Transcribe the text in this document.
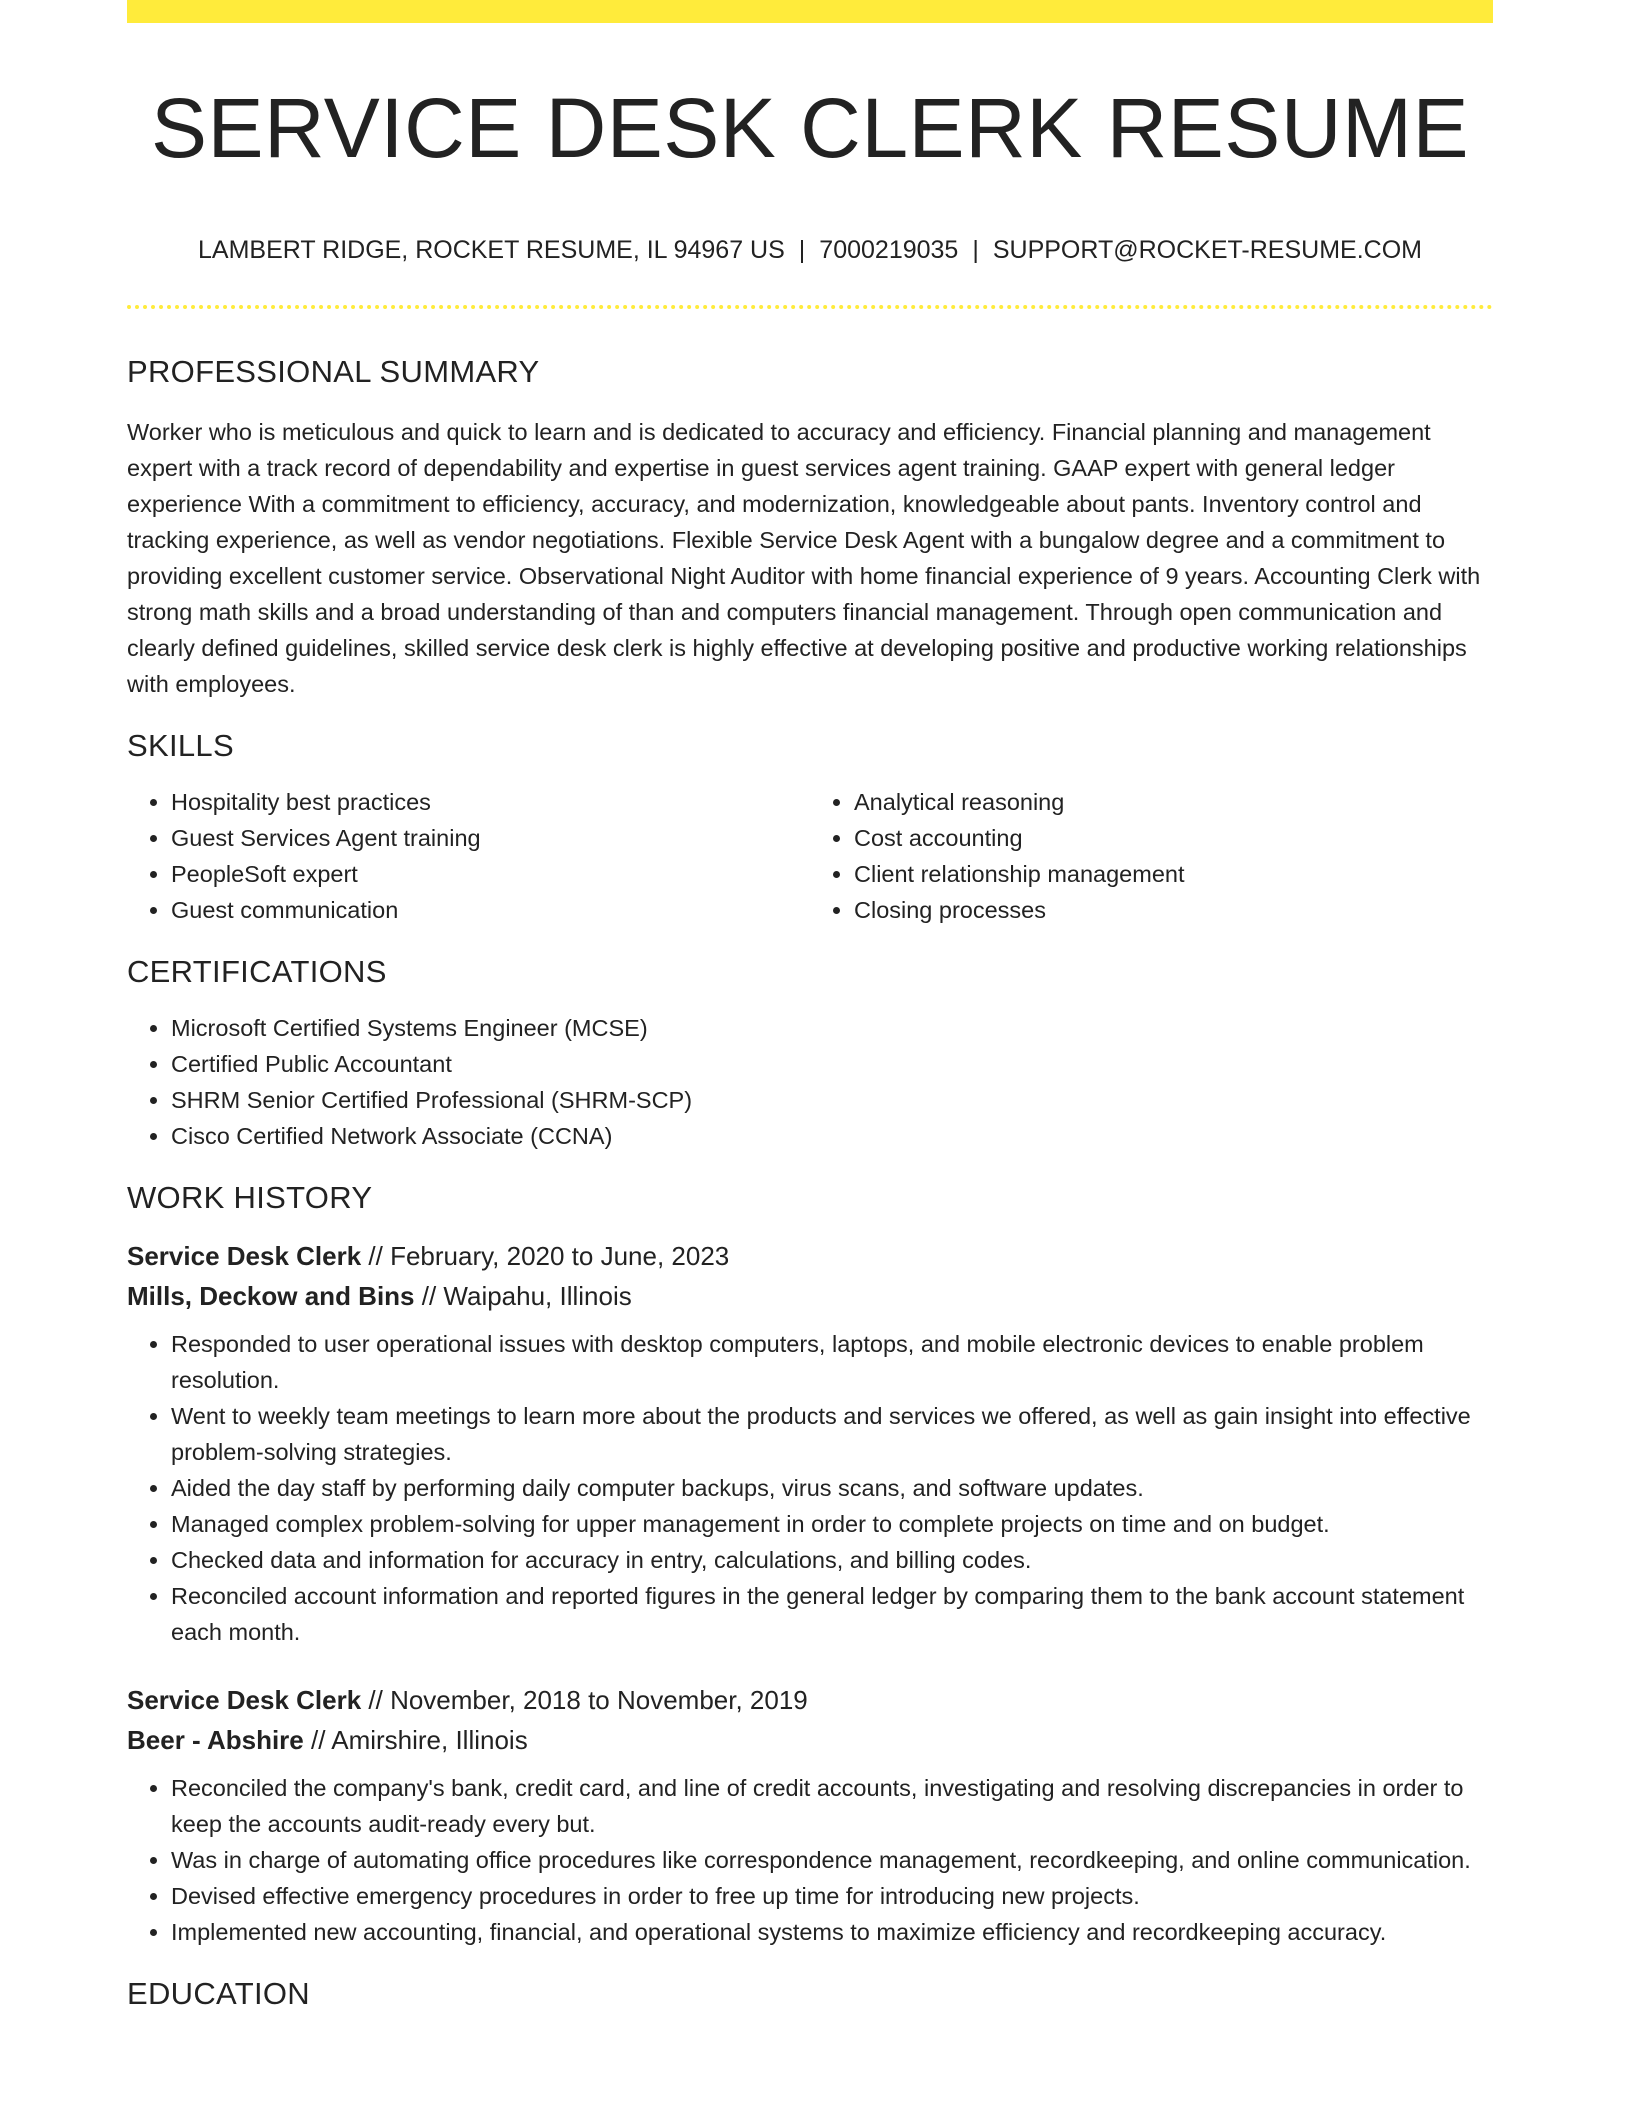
SERVICE DESK CLERK RESUME
LAMBERT RIDGE, ROCKET RESUME, IL 94967 US | 7000219035 | SUPPORT@ROCKET-RESUME.COM
PROFESSIONAL SUMMARY

Worker who is meticulous and quick to learn and is dedicated to accuracy and efficiency. Financial planning and management expert with a track record of dependability and expertise in guest services agent training. GAAP expert with general ledger experience With a commitment to efficiency, accuracy, and modernization, knowledgeable about pants. Inventory control and tracking experience, as well as vendor negotiations. Flexible Service Desk Agent with a bungalow degree and a commitment to providing excellent customer service. Observational Night Auditor with home financial experience of 9 years. Accounting Clerk with strong math skills and a broad understanding of than and computers financial management. Through open communication and clearly defined guidelines, skilled service desk clerk is highly effective at developing positive and productive working relationships with employees.

SKILLS
• Hospitality best practices
• Guest Services Agent training
• PeopleSoft expert
• Guest communication
• Analytical reasoning
• Cost accounting
• Client relationship management
• Closing processes
CERTIFICATIONS
• Microsoft Certified Systems Engineer (MCSE)
• Certified Public Accountant
• SHRM Senior Certified Professional (SHRM-SCP)
• Cisco Certified Network Associate (CCNA)
WORK HISTORY
Service Desk Clerk // February, 2020 to June, 2023
Mills, Deckow and Bins // Waipahu, Illinois
• Responded to user operational issues with desktop computers, laptops, and mobile electronic devices to enable problem resolution.
• Went to weekly team meetings to learn more about the products and services we offered, as well as gain insight into effective problem-solving strategies.
• Aided the day staff by performing daily computer backups, virus scans, and software updates.
• Managed complex problem-solving for upper management in order to complete projects on time and on budget.
• Checked data and information for accuracy in entry, calculations, and billing codes.
• Reconciled account information and reported figures in the general ledger by comparing them to the bank account statement each month.
Service Desk Clerk // November, 2018 to November, 2019
Beer - Abshire // Amirshire, Illinois
• Reconciled the company's bank, credit card, and line of credit accounts, investigating and resolving discrepancies in order to keep the accounts audit-ready every but.
• Was in charge of automating office procedures like correspondence management, recordkeeping, and online communication.
• Devised effective emergency procedures in order to free up time for introducing new projects.
• Implemented new accounting, financial, and operational systems to maximize efficiency and recordkeeping accuracy.
EDUCATION
